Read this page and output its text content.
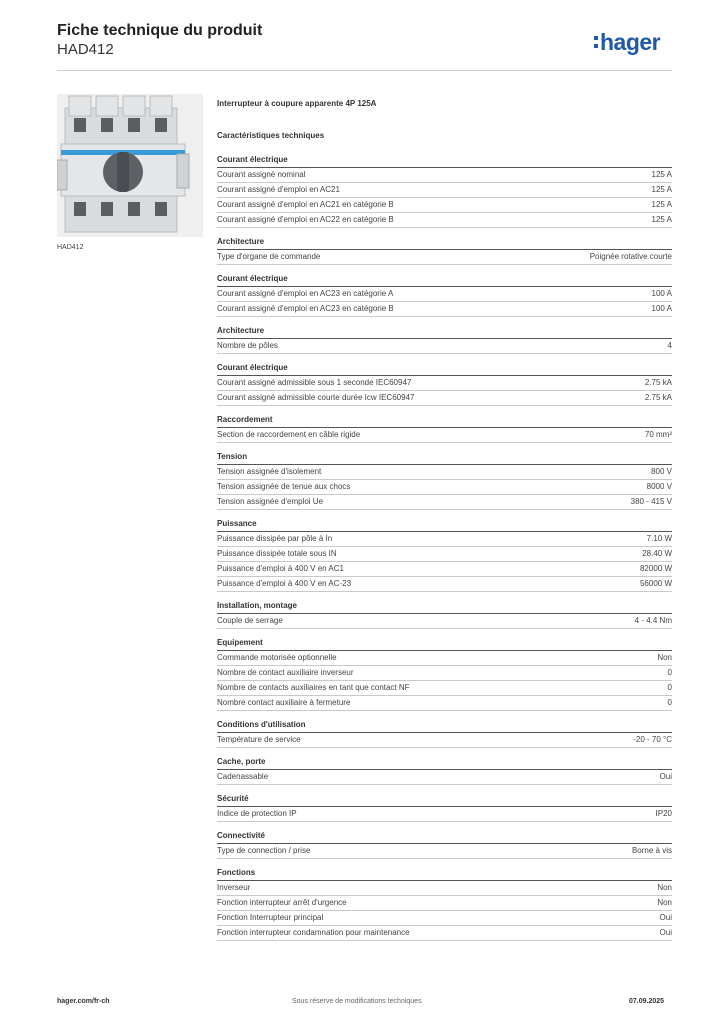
Fiche technique du produit
HAD412	hager
HAD412
Interrupteur à coupure apparente 4P 125A
Caractéristiques techniques
Courant électrique
Courant assigné nominal	125 A
Courant assigné d'emploi en AC21	125 A
Courant assigné d'emploi en AC21 en catégorie B	125 A
Courant assigné d'emploi en AC22 en catégorie B	125 A
Architecture
Type d'organe de commande	Poignée rotative courte
Courant électrique
Courant assigné d'emploi en AC23 en catégorie A	100 A
Courant assigné d'emploi en AC23 en catégorie B	100 A
Architecture
Nombre de pôles	4
Courant électrique
Courant assigné admissible sous 1 seconde IEC60947	2.75 kA
Courant assigné admissible courte durée Icw IEC60947	2.75 kA
Raccordement
Section de raccordement en câble rigide	70 mm²
Tension
Tension assignée d'isolement	800 V
Tension assignée de tenue aux chocs	8000 V
Tension assignée d'emploi Ue	380 - 415 V
Puissance
Puissance dissipée par pôle à In	7.10 W
Puissance dissipée totale sous IN	28.40 W
Puissance d'emploi à 400 V en AC1	82000 W
Puissance d'emploi à 400 V en AC-23	56000 W
Installation, montage
Couple de serrage	4 - 4.4 Nm
Equipement
Commande motorisée optionnelle	Non
Nombre de contact auxiliaire inverseur	0
Nombre de contacts auxiliaires en tant que contact NF	0
Nombre contact auxiliaire à fermeture	0
Conditions d'utilisation
Température de service	-20 - 70 °C
Cache, porte
Cadenassable	Oui
Sécurité
Indice de protection IP	IP20
Connectivité
Type de connection / prise	Borne à vis
Fonctions
Inverseur	Non
Fonction interrupteur arrêt d'urgence	Non
Fonction Interrupteur principal	Oui
Fonction interrupteur condamnation pour maintenance	Oui
hager.com/fr-ch	Sous réserve de modifications techniques	07.09.2025
